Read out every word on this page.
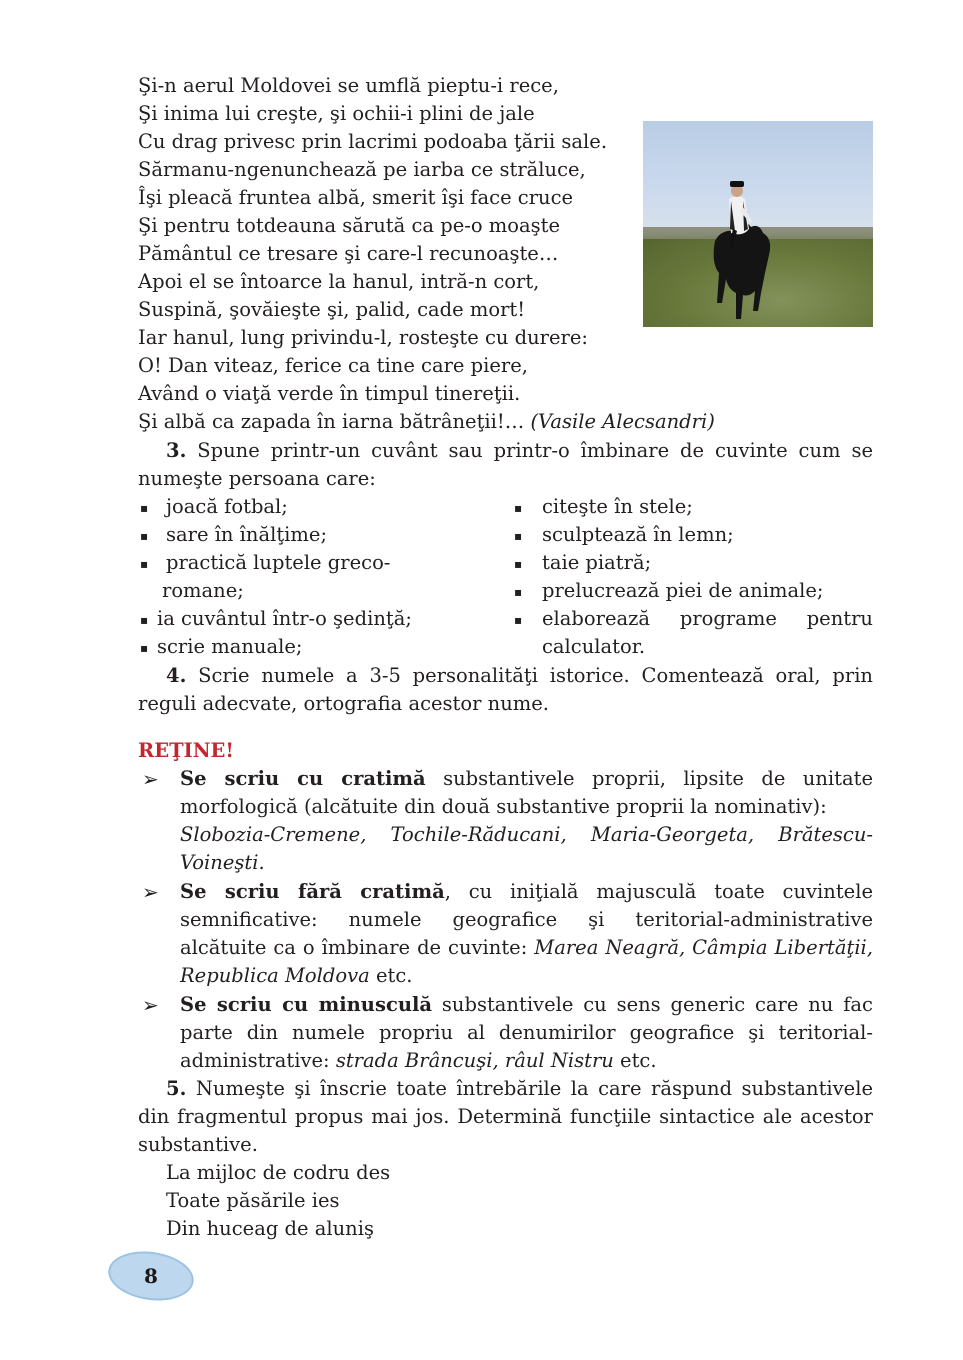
Şi-n aerul Moldovei se umflă pieptu-i rece,
Şi inima lui creşte, şi ochii-i plini de jale
Cu drag privesc prin lacrimi podoaba ţării sale.
Sărmanu-ngenunchează pe iarba ce străluce,
Îşi pleacă fruntea albă, smerit îşi face cruce
Şi pentru totdeauna sărută ca pe-o moaşte
Pământul ce tresare şi care-l recunoaşte…
Apoi el se întoarce la hanul, intră-n cort,
Suspină, şovăieşte şi, palid, cade mort!
Iar hanul, lung privindu-l, rosteşte cu durere:
O! Dan viteaz, ferice ca tine care piere,
Având o viaţă verde în timpul tinereţii.
Şi albă ca zapada în iarna bătrâneţii!… (Vasile Alecsandri)
3. Spune printr-un cuvânt sau printr-o îmbinare de cuvinte cum se
numeşte persoana care:
▪ joacă fotbal;
▪ sare în înălţime;
▪ practică luptele greco-
romane;
▪ ia cuvântul într-o şedinţă;
▪ scrie manuale;
▪ citeşte în stele;
▪ sculptează în lemn;
▪ taie piatră;
▪ prelucrează piei de animale;
▪ elaborează programe pentru
calculator.
4. Scrie numele a 3-5 personalităţi istorice. Comentează oral, prin
reguli adecvate, ortografia acestor nume.
REŢINE!
➢ Se scriu cu cratimă substantivele proprii, lipsite de unitate
morfologică (alcătuite din două substantive proprii la nominativ):
Slobozia-Cremene, Tochile-Răducani, Maria-Georgeta, Brătescu-
Voineşti.
➢ Se scriu fără cratimă, cu iniţială majusculă toate cuvintele
semnificative: numele geografice şi teritorial-administrative
alcătuite ca o îmbinare de cuvinte: Marea Neagră, Câmpia Libertăţii,
Republica Moldova etc.
➢ Se scriu cu minusculă substantivele cu sens generic care nu fac
parte din numele propriu al denumirilor geografice şi teritorial-
administrative: strada Brâncuşi, râul Nistru etc.
5. Numeşte şi înscrie toate întrebările la care răspund substantivele
din fragmentul propus mai jos. Determină funcţiile sintactice ale acestor
substantive.
La mijloc de codru des
Toate păsările ies
Din huceag de aluniş
8
